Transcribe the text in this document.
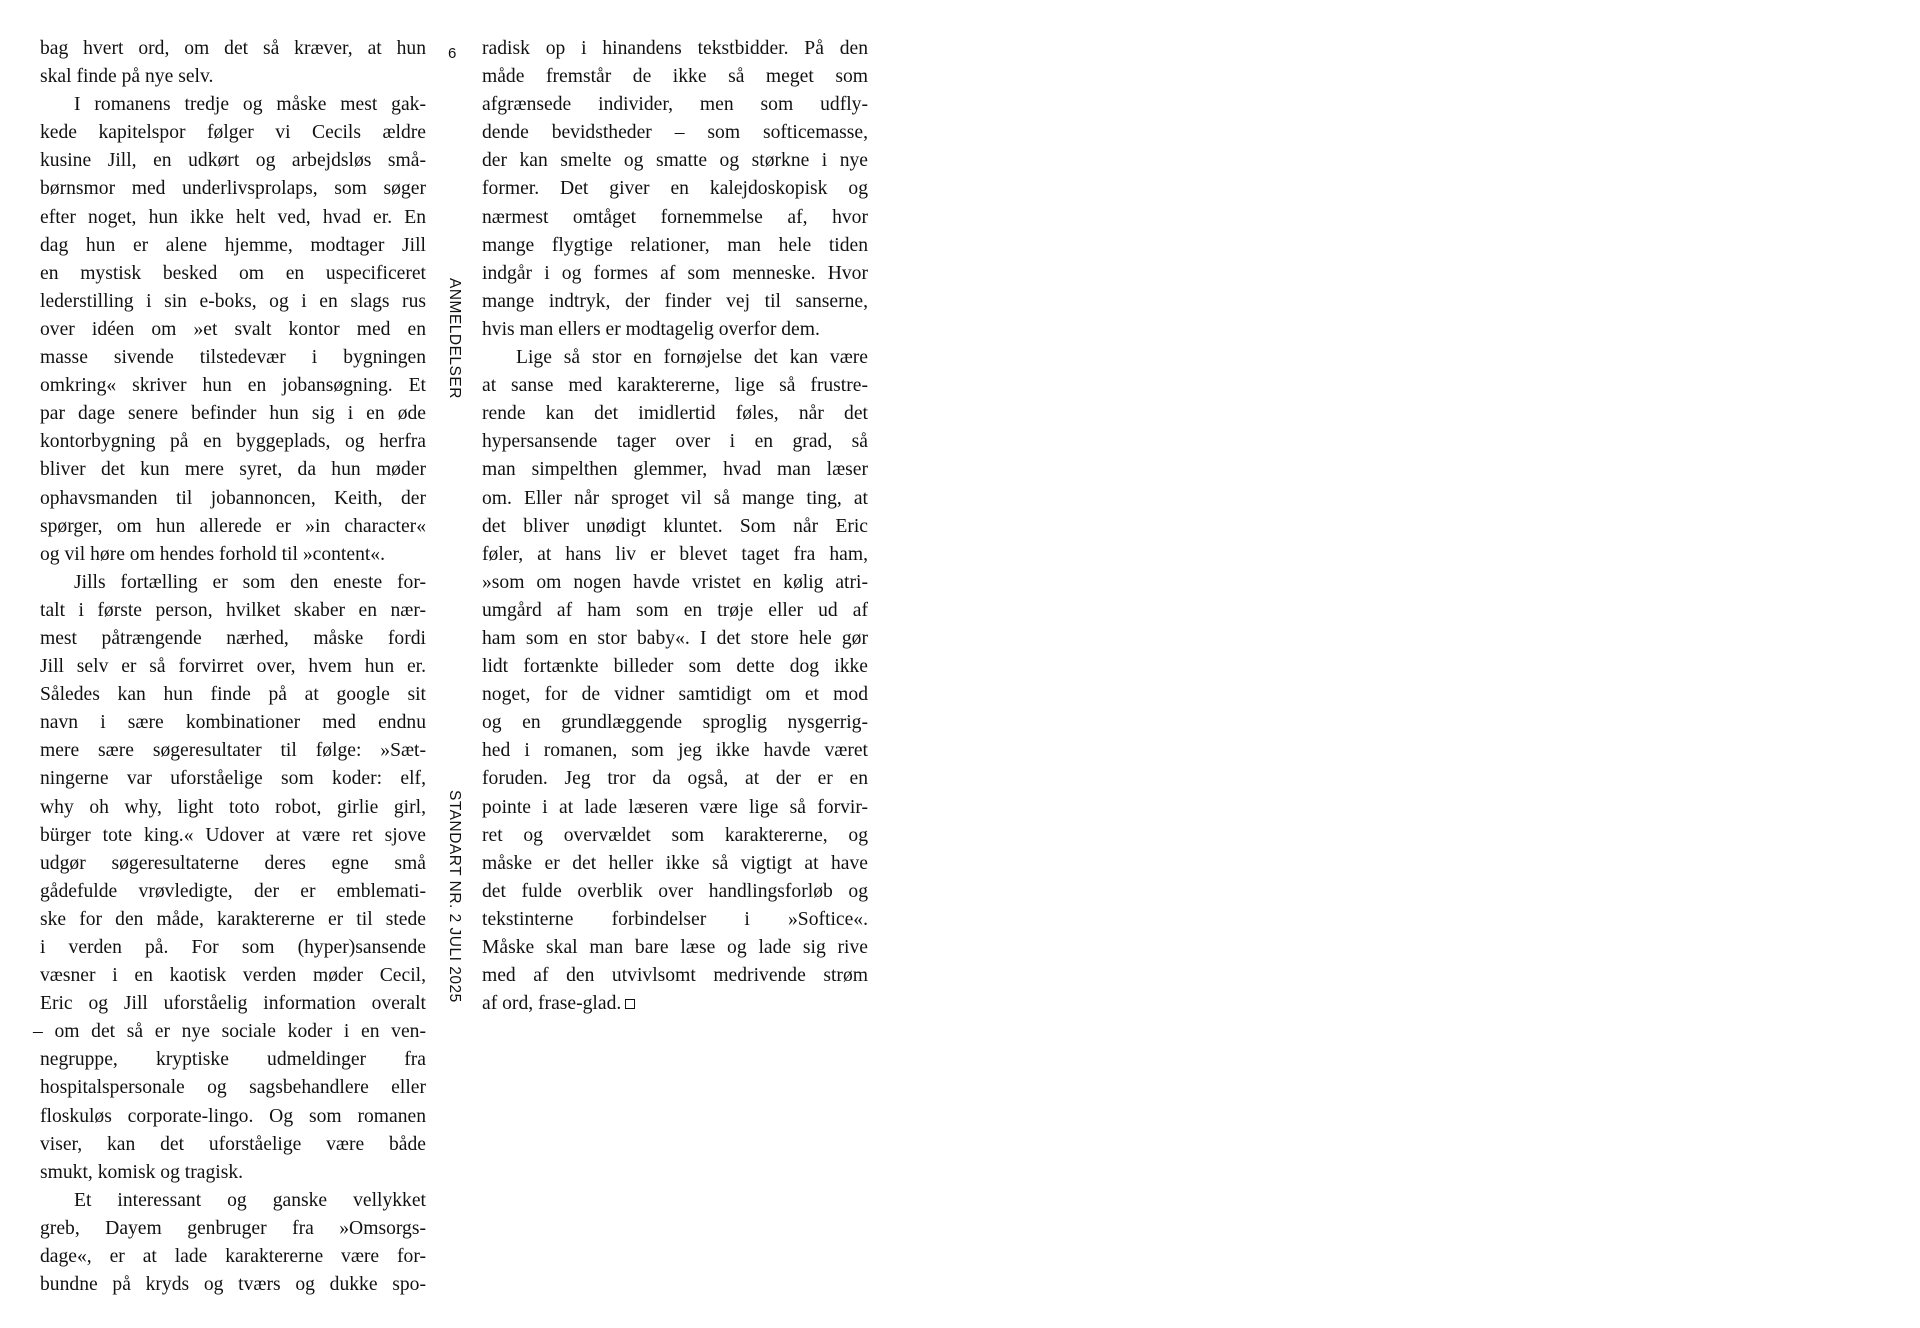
bag hvert ord, om det så kræver, at hun
skal finde på nye selv.
I romanens tredje og måske mest gak-
kede kapitelspor følger vi Cecils ældre
kusine Jill, en udkørt og arbejdsløs små-
børnsmor med underlivsprolaps, som søger
efter noget, hun ikke helt ved, hvad er. En
dag hun er alene hjemme, modtager Jill
en mystisk besked om en uspecificeret
lederstilling i sin e-boks, og i en slags rus
over idéen om »et svalt kontor med en
masse sivende tilstedevær i bygningen
omkring« skriver hun en jobansøgning. Et
par dage senere befinder hun sig i en øde
kontorbygning på en byggeplads, og herfra
bliver det kun mere syret, da hun møder
ophavsmanden til jobannoncen, Keith, der
spørger, om hun allerede er »in character«
og vil høre om hendes forhold til »content«.
Jills fortælling er som den eneste for-
talt i første person, hvilket skaber en nær-
mest påtrængende nærhed, måske fordi
Jill selv er så forvirret over, hvem hun er.
Således kan hun finde på at google sit
navn i sære kombinationer med endnu
mere sære søgeresultater til følge: »Sæt-
ningerne var uforståelige som koder: elf,
why oh why, light toto robot, girlie girl,
bürger tote king.« Udover at være ret sjove
udgør søgeresultaterne deres egne små
gådefulde vrøvledigte, der er emblemati-
ske for den måde, karaktererne er til stede
i verden på. For som (hyper)sansende
væsner i en kaotisk verden møder Cecil,
Eric og Jill uforståelig information overalt
– om det så er nye sociale koder i en ven-
negruppe, kryptiske udmeldinger fra
hospitalspersonale og sagsbehandlere eller
floskuløs corporate-lingo. Og som romanen
viser, kan det uforståelige være både
smukt, komisk og tragisk.
Et interessant og ganske vellykket
greb, Dayem genbruger fra »Omsorgs-
dage«, er at lade karaktererne være for-
bundne på kryds og tværs og dukke spo-
6
ANMELDELSER
STANDART NR. 2 JULI 2025
radisk op i hinandens tekstbidder. På den
måde fremstår de ikke så meget som
afgrænsede individer, men som udfly-
dende bevidstheder – som softicemasse,
der kan smelte og smatte og størkne i nye
former. Det giver en kalejdoskopisk og
nærmest omtåget fornemmelse af, hvor
mange flygtige relationer, man hele tiden
indgår i og formes af som menneske. Hvor
mange indtryk, der finder vej til sanserne,
hvis man ellers er modtagelig overfor dem.
Lige så stor en fornøjelse det kan være
at sanse med karaktererne, lige så frustre-
rende kan det imidlertid føles, når det
hypersansende tager over i en grad, så
man simpelthen glemmer, hvad man læser
om. Eller når sproget vil så mange ting, at
det bliver unødigt kluntet. Som når Eric
føler, at hans liv er blevet taget fra ham,
»som om nogen havde vristet en kølig atri-
umgård af ham som en trøje eller ud af
ham som en stor baby«. I det store hele gør
lidt fortænkte billeder som dette dog ikke
noget, for de vidner samtidigt om et mod
og en grundlæggende sproglig nysgerrig-
hed i romanen, som jeg ikke havde været
foruden. Jeg tror da også, at der er en
pointe i at lade læseren være lige så forvir-
ret og overvældet som karaktererne, og
måske er det heller ikke så vigtigt at have
det fulde overblik over handlingsforløb og
tekstinterne forbindelser i »Softice«.
Måske skal man bare læse og lade sig rive
med af den utvivlsomt medrivende strøm
af ord, frase-glad.
